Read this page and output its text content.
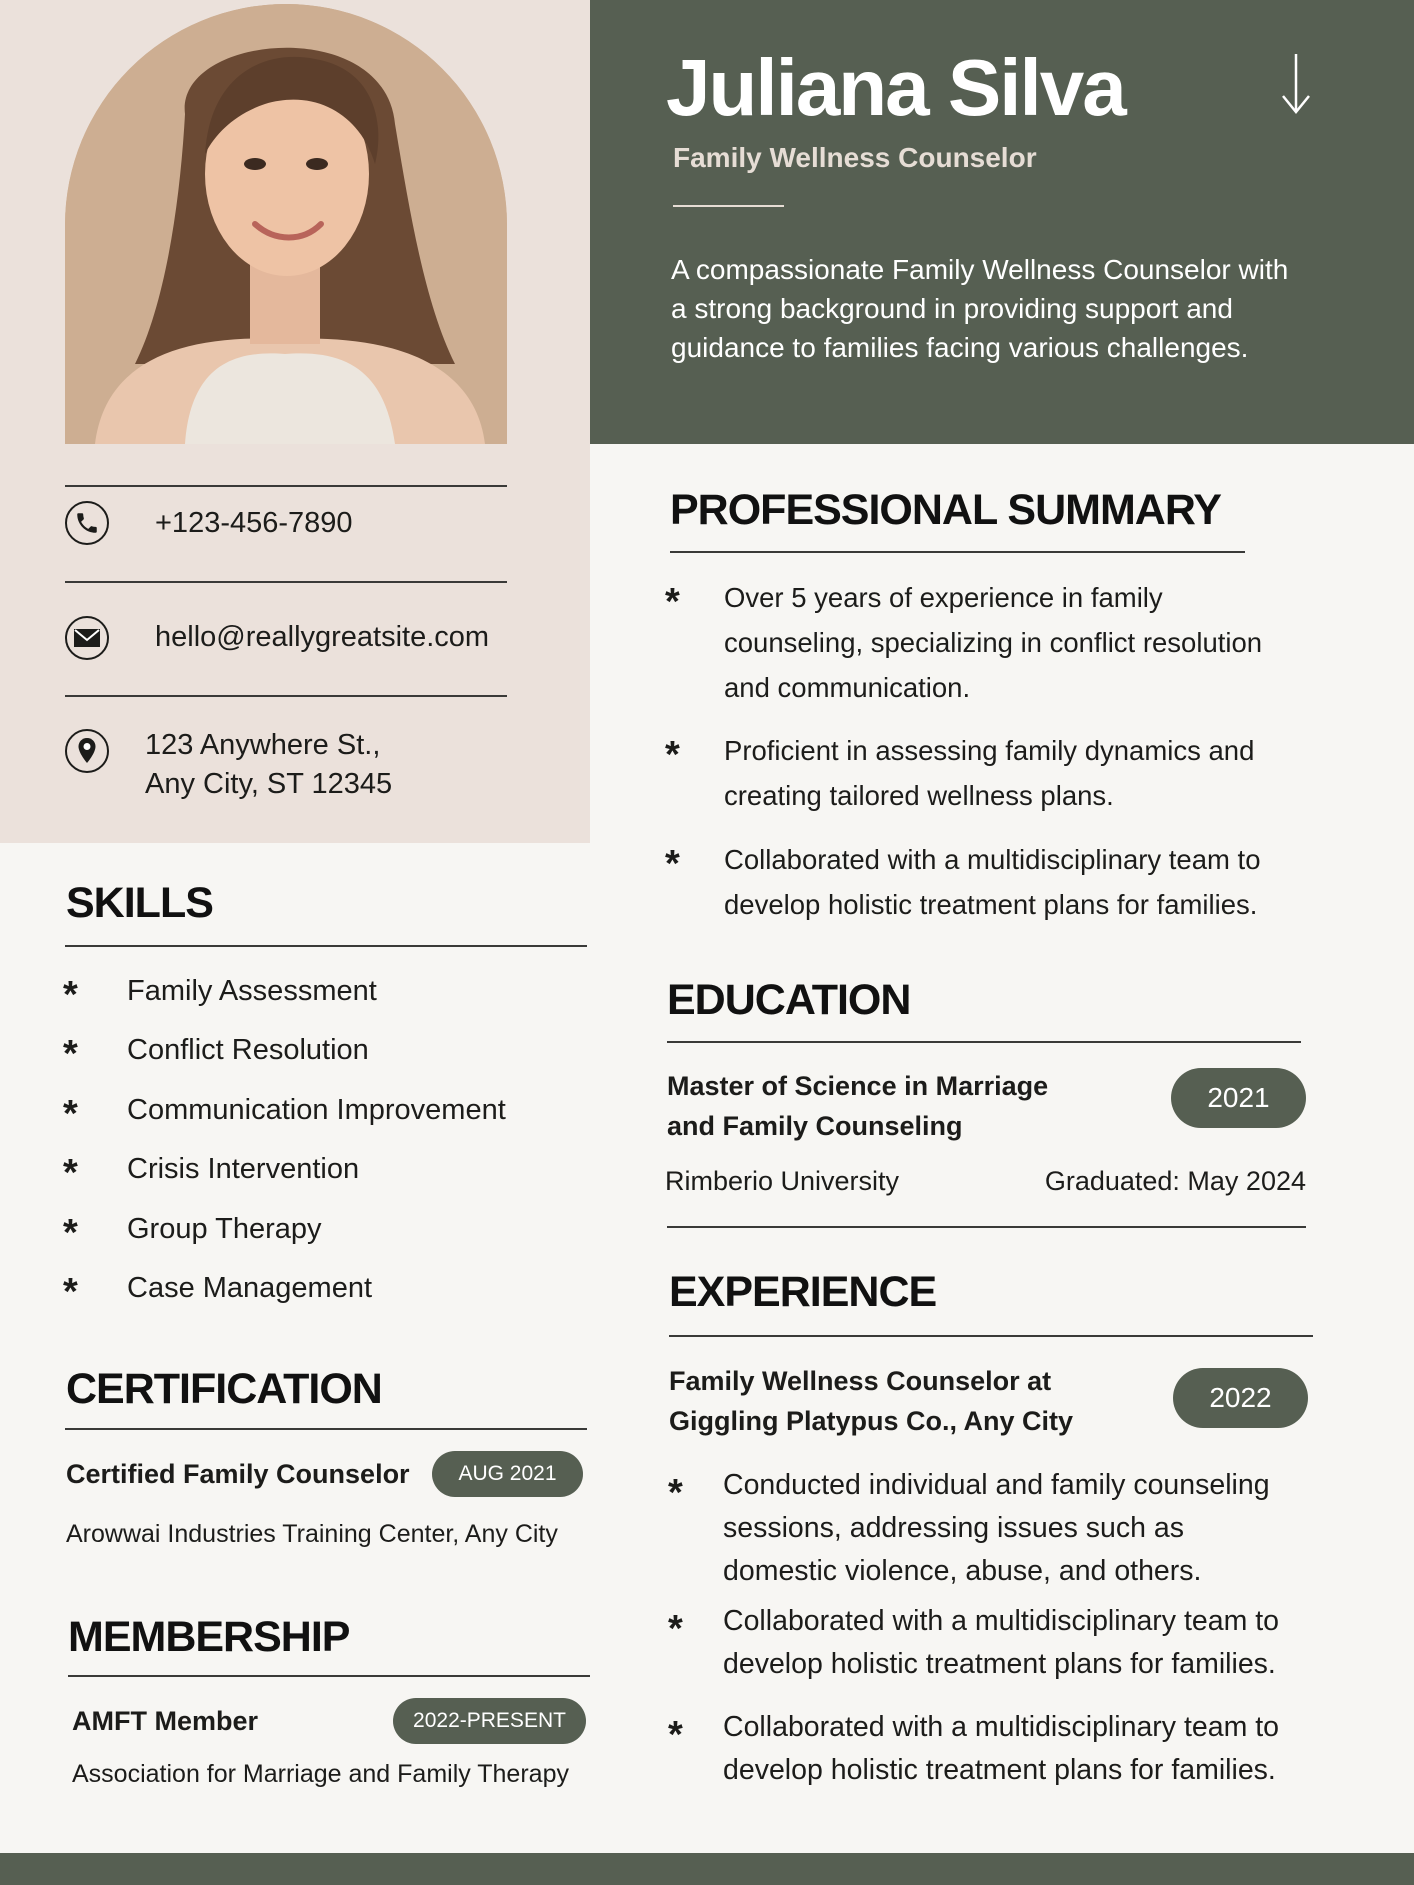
Juliana Silva
Family Wellness Counselor
A compassionate Family Wellness Counselor with a strong background in providing support and guidance to families facing various challenges.
+123-456-7890
hello@reallygreatsite.com
123 Anywhere St.,
Any City, ST 12345
SKILLS
* Family Assessment
* Conflict Resolution
* Communication Improvement
* Crisis Intervention
* Group Therapy
* Case Management
CERTIFICATION
Certified Family Counselor	AUG 2021
Arowwai Industries Training Center, Any City
MEMBERSHIP
AMFT Member	2022-PRESENT
Association for Marriage and Family Therapy
PROFESSIONAL SUMMARY
* Over 5 years of experience in family
counseling, specializing in conflict resolution
and communication.
* Proficient in assessing family dynamics and
creating tailored wellness plans.
* Collaborated with a multidisciplinary team to
develop holistic treatment plans for families.
EDUCATION
Master of Science in Marriage
and Family Counseling
2021
Rimberio University	Graduated: May 2024
EXPERIENCE
Family Wellness Counselor at
Giggling Platypus Co., Any City
2022
* Conducted individual and family counseling
sessions, addressing issues such as
domestic violence, abuse, and others.
* Collaborated with a multidisciplinary team to
develop holistic treatment plans for families.
* Collaborated with a multidisciplinary team to
develop holistic treatment plans for families.
